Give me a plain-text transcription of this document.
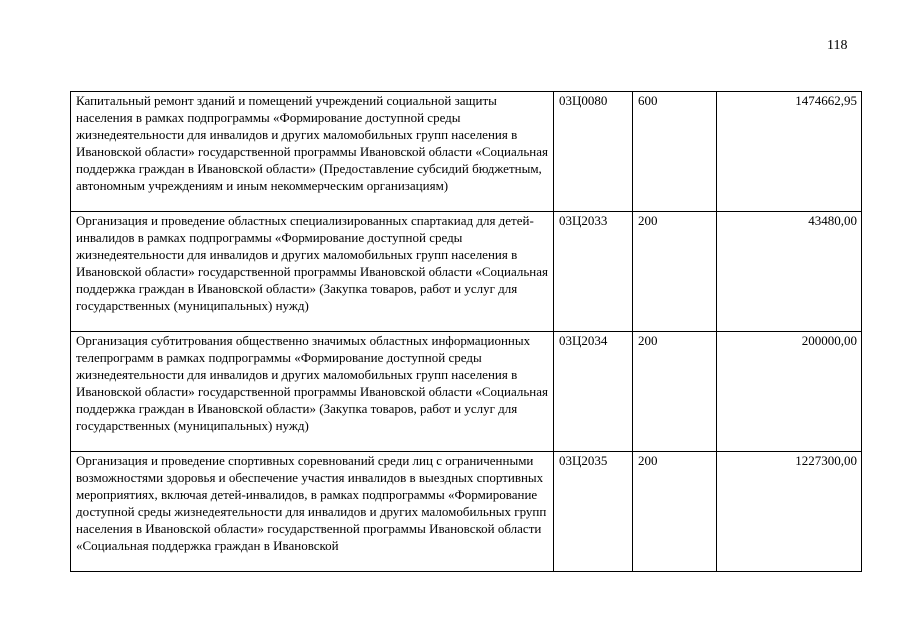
118
Капитальный ремонт зданий и помещений учреждений социальной защиты населения в рамках подпрограммы «Формирование доступной среды жизнедеятельности для инвалидов и других маломобильных групп населения в Ивановской области» государственной программы Ивановской области «Социальная поддержка граждан в Ивановской области» (Предоставление субсидий бюджетным, автономным учреждениям и иным некоммерческим организациям)	03Ц0080	600	1474662,95
Организация и проведение областных специализированных спартакиад для детей-инвалидов в рамках подпрограммы «Формирование доступной среды жизнедеятельности для инвалидов и других маломобильных групп населения в Ивановской области» государственной программы Ивановской области «Социальная поддержка граждан в Ивановской области» (Закупка товаров, работ и услуг для государственных (муниципальных) нужд)	03Ц2033	200	43480,00
Организация субтитрования общественно значимых областных информационных телепрограмм в рамках подпрограммы «Формирование доступной среды жизнедеятельности для инвалидов и других маломобильных групп населения в Ивановской области» государственной программы Ивановской области «Социальная поддержка граждан в Ивановской области» (Закупка товаров, работ и услуг для государственных (муниципальных) нужд)	03Ц2034	200	200000,00
Организация и проведение спортивных соревнований среди лиц с ограниченными возможностями здоровья и обеспечение участия инвалидов в выездных спортивных мероприятиях, включая детей-инвалидов, в рамках подпрограммы «Формирование доступной среды жизнедеятельности для инвалидов и других маломобильных групп населения в Ивановской области» государственной программы Ивановской области «Социальная поддержка граждан в Ивановской	03Ц2035	200	1227300,00
